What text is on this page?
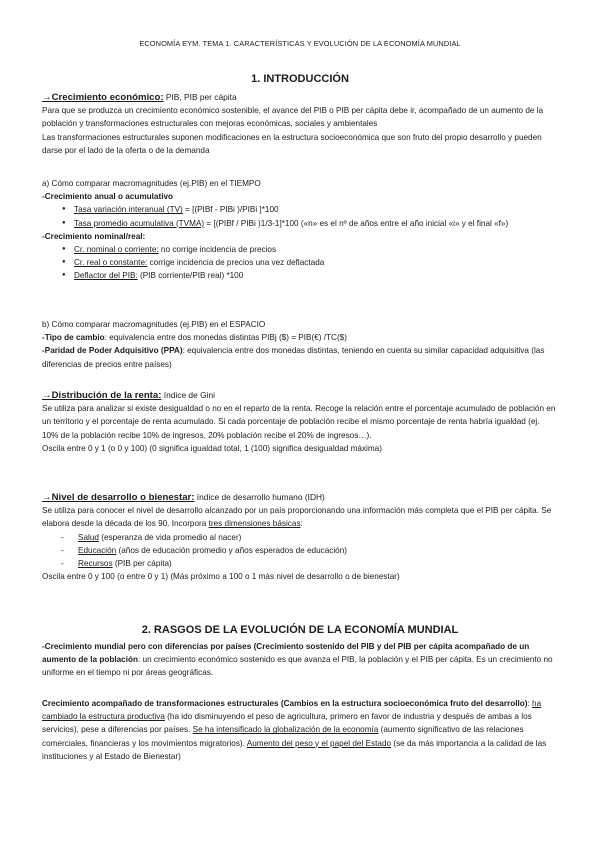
ECONOMÍA EYM. TEMA 1. CARACTERÍSTICAS Y EVOLUCIÓN DE LA ECONOMÍA MUNDIAL
1. INTRODUCCIÓN

→Crecimiento económico: PIB, PIB per cápita

Para que se produzca un crecimiento económico sostenible, el avance del PIB o PIB per cápita debe ir, acompañado de un aumento de la población y transformaciones estructurales con mejoras económicas, sociales y ambientales

Las transformaciones estructurales suponen modificaciones en la estructura socioeconómica que son fruto del propio desarrollo y pueden darse por el lado de la oferta o de la demanda

a) Cómo comparar macromagnitudes (ej.PIB) en el TIEMPO

-Crecimiento anual o acumulativo

● Tasa variación interanual (TV) = [(PIBf - PIBi )/PIBi ]*100
● Tasa promedio acumulativa (TVMA) = [(PIBf / PIBi )1/3-1]*100 («n» es el nº de años entre el año inicial «i» y el final «f»)

-Crecimiento nominal/real:

● Cr. nominal o corriente: no corrige incidencia de precios
● Cr. real o constante: corrige incidencia de precios una vez deflactada
● Deflactor del PIB: (PIB corriente/PIB real) *100

b) Cómo comparar macromagnitudes (ej.PIB) en el ESPACIO

-Tipo de cambio: equivalencia entre dos monedas distintas PIBj ($) = PIB(€) /TC($)

-Paridad de Poder Adquisitivo (PPA): equivalencia entre dos monedas distintas, teniendo en cuenta su similar capacidad adquisitiva (las diferencias de precios entre países)

→Distribución de la renta: índice de Gini

Se utiliza para analizar si existe desigualdad o no en el reparto de la renta. Recoge la relación entre el porcentaje acumulado de población en un territorio y el porcentaje de renta acumulado. Si cada porcentaje de población recibe el mismo porcentaje de renta habría igualdad (ej. 10% de la población recibe 10% de ingresos, 20% población recibe el 20% de ingresos…).

Oscila entre 0 y 1 (o 0 y 100) (0 significa igualdad total, 1 (100) significa desigualdad máxima)

→Nivel de desarrollo o bienestar: índice de desarrollo humano (IDH)

Se utiliza para conocer el nivel de desarrollo alcanzado por un país proporcionando una información más completa que el PIB per cápita. Se elabora desde la década de los 90. Incorpora tres dimensiones básicas:

- Salud (esperanza de vida promedio al nacer)
- Educación (años de educación promedio y años esperados de educación)
- Recursos (PIB per cápita)

Oscila entre 0 y 100 (o entre 0 y 1) (Más próximo a 100 o 1 más nivel de desarrollo o de bienestar)

2. RASGOS DE LA EVOLUCIÓN DE LA ECONOMÍA MUNDIAL

-Crecimiento mundial pero con diferencias por países (Crecimiento sostenido del PIB y del PIB per cápita acompañado de un aumento de la población: un crecimiento económico sostenido es que avanza el PIB, la población y el PIB per cápita. Es un crecimiento no uniforme en el tiempo ni por áreas geográficas.

Crecimiento acompañado de transformaciones estructurales (Cambios en la estructura socioeconómica fruto del desarrollo): ha cambiado la estructura productiva (ha ido disminuyendo el peso de agricultura, primero en favor de industria y después de ambas a los servicios), pese a diferencias por países. Se ha intensificado la globalización de la economía (aumento significativo de las relaciones comerciales, financieras y los movimientos migratorios). Aumento del peso y el papel del Estado (se da más importancia a la calidad de las instituciones y al Estado de Bienestar)
